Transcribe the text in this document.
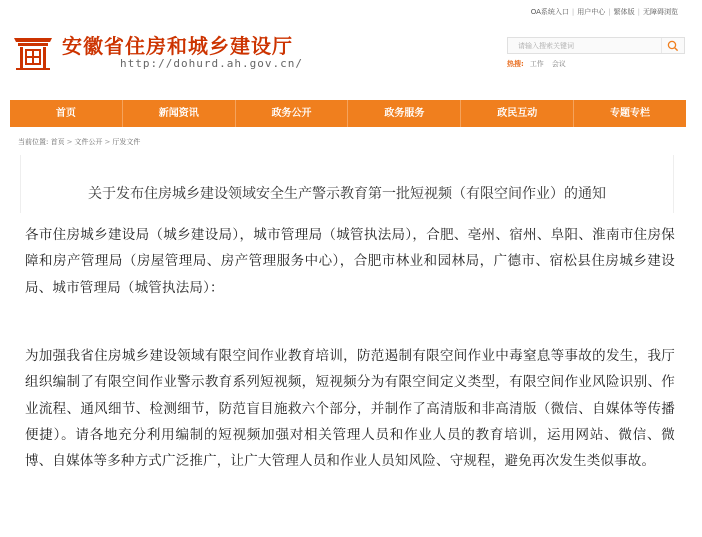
OA系统入口 | 用户中心 | 繁体版 | 无障碍浏览
安徽省住房和城乡建设厅
http://dohurd.ah.gov.cn/
请输入搜索关键词	热搜: 工作 会议
首页	新闻资讯	政务公开	政务服务	政民互动	专题专栏
当前位置: 首页 > 文件公开 > 厅发文件
关于发布住房城乡建设领域安全生产警示教育第一批短视频（有限空间作业）的通知

各市住房城乡建设局（城乡建设局），城市管理局（城管执法局），合肥、亳州、宿州、阜阳、淮南市住房保障和房产管理局（房屋管理局、房产管理服务中心），合肥市林业和园林局，广德市、宿松县住房城乡建设局、城市管理局（城管执法局）：

为加强我省住房城乡建设领域有限空间作业教育培训，防范遏制有限空间作业中毒窒息等事故的发生，我厅组织编制了有限空间作业警示教育系列短视频，短视频分为有限空间定义类型，有限空间作业风险识别、作业流程、通风细节、检测细节，防范盲目施救六个部分，并制作了高清版和非高清版（微信、自媒体等传播便捷）。请各地充分利用编制的短视频加强对相关管理人员和作业人员的教育培训，运用网站、微信、微博、自媒体等多种方式广泛推广，让广大管理人员和作业人员知风险、守规程，避免再次发生类似事故。
